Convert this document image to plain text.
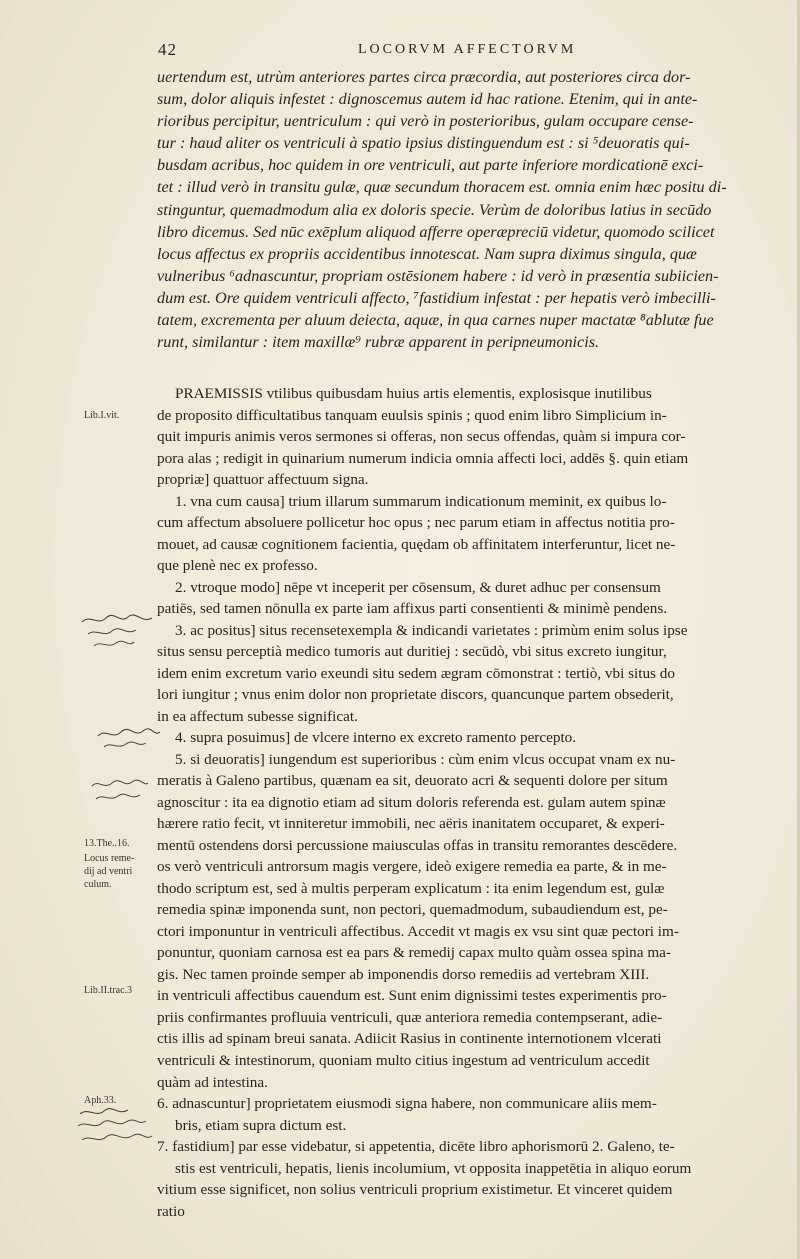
42	LOCORVM AFFECTORVM
uertendum est, utrùm anteriores partes circa præcordia, aut posteriores circa dor-
sum, dolor aliquis infestet : dignoscemus autem id hac ratione. Etenim, qui in ante-
rioribus percipitur, uentriculum : qui verò in posterioribus, gulam occupare cense-
tur : haud aliter os ventriculi à spatio ipsius distinguendum est : si ⁵deuoratis qui-
busdam acribus, hoc quidem in ore ventriculi, aut parte inferiore mordicationē exci-
tet : illud verò in transitu gulæ, quæ secundum thoracem est. omnia enim hæc positu di-
stinguntur, quemadmodum alia ex doloris specie. Verùm de doloribus latius in secūdo
libro dicemus. Sed nūc exēplum aliquod afferre operæpreciū videtur, quomodo scilicet
locus affectus ex propriis accidentibus innotescat. Nam supra diximus singula, quæ
vulneribus ⁶adnascuntur, propriam ostēsionem habere : id verò in præsentia subiicien-
dum est. Ore quidem ventriculi affecto, ⁷fastidium infestat : per hepatis verò imbecilli-
tatem, excrementa per aluum deiecta, aquæ, in qua carnes nuper mactatæ ⁸ablutæ fue
runt, similantur : item maxillæ⁹ rubræ apparent in peripneumonicis.
PRAEMISSIS vtilibus quibusdam huius artis elementis, explosisque inutilibus
de proposito difficultatibus tanquam euulsis spinis ; quod enim libro Simplicium in-
quit impuris animis veros sermones si offeras, non secus offendas, quàm si impura cor-
pora alas ; redigit in quinarium numerum indicia omnia affecti loci, addēs §. quin etiam
propriæ] quattuor affectuum signa.
1. vna cum causa] trium illarum summarum indicationum meminit, ex quibus lo-
cum affectum absoluere pollicetur hoc opus ; nec parum etiam in affectus notitia pro-
mouet, ad causæ cognitionem facientia, quędam ob affinitatem interferuntur, licet ne-
que plenè nec ex professo.
2. vtroque modo] nēpe vt inceperit per cōsensum, & duret adhuc per consensum
patiēs, sed tamen nōnulla ex parte iam affixus parti consentienti & minimè pendens.
3. ac positus] situs recensetexempla & indicandi varietates : primùm enim solus ipse
situs sensu perceptià medico tumoris aut duritiej : secūdò, vbi situs excreto iungitur,
idem enim excretum vario exeundi situ sedem ægram cōmonstrat : tertiò, vbi situs do
lori iungitur ; vnus enim dolor non proprietate discors, quancunque partem obsederit,
in ea affectum subesse significat.
4. supra posuimus] de vlcere interno ex excreto ramento percepto.
5. si deuoratis] iungendum est superioribus : cùm enim vlcus occupat vnam ex nu-
meratis à Galeno partibus, quænam ea sit, deuorato acri & sequenti dolore per situm
agnoscitur : ita ea dignotio etiam ad situm doloris referenda est. gulam autem spinæ
hærere ratio fecit, vt inniteretur immobili, nec aëris inanitatem occuparet, & experi-
mentū ostendens dorsi percussione maiusculas offas in transitu remorantes descēdere.
os verò ventriculi antrorsum magis vergere, ideò exigere remedia ea parte, & in me-
thodo scriptum est, sed à multis perperam explicatum : ita enim legendum est, gulæ
remedia spinæ imponenda sunt, non pectori, quemadmodum, subaudiendum est, pe-
ctori imponuntur in ventriculi affectibus. Accedit vt magis ex vsu sint quæ pectori im-
ponuntur, quoniam carnosa est ea pars & remedij capax multo quàm ossea spina ma-
gis. Nec tamen proinde semper ab imponendis dorso remediis ad vertebram XIII.
in ventriculi affectibus cauendum est. Sunt enim dignissimi testes experimentis pro-
priis confirmantes profluuia ventriculi, quæ anteriora remedia contempserant, adie-
ctis illis ad spinam breui sanata. Adiicit Rasius in continente internotionem vlcerati
ventriculi & intestinorum, quoniam multo citius ingestum ad ventriculum accedit
quàm ad intestina.
6. adnascuntur] proprietatem eiusmodi signa habere, non communicare aliis mem-
bris, etiam supra dictum est.
7. fastidium] par esse videbatur, si appetentia, dicēte libro aphorismorū 2. Galeno, te-
stis est ventriculi, hepatis, lienis incolumium, vt opposita inappetētia in aliquo eorum
vitium esse significet, non solius ventriculi proprium existimetur. Et vinceret quidem
ratio
Lib.I.vit.
13.The..16.
Locus reme-
dij ad ventri
culum.
Lib.II.trac.3
Aph.33.
